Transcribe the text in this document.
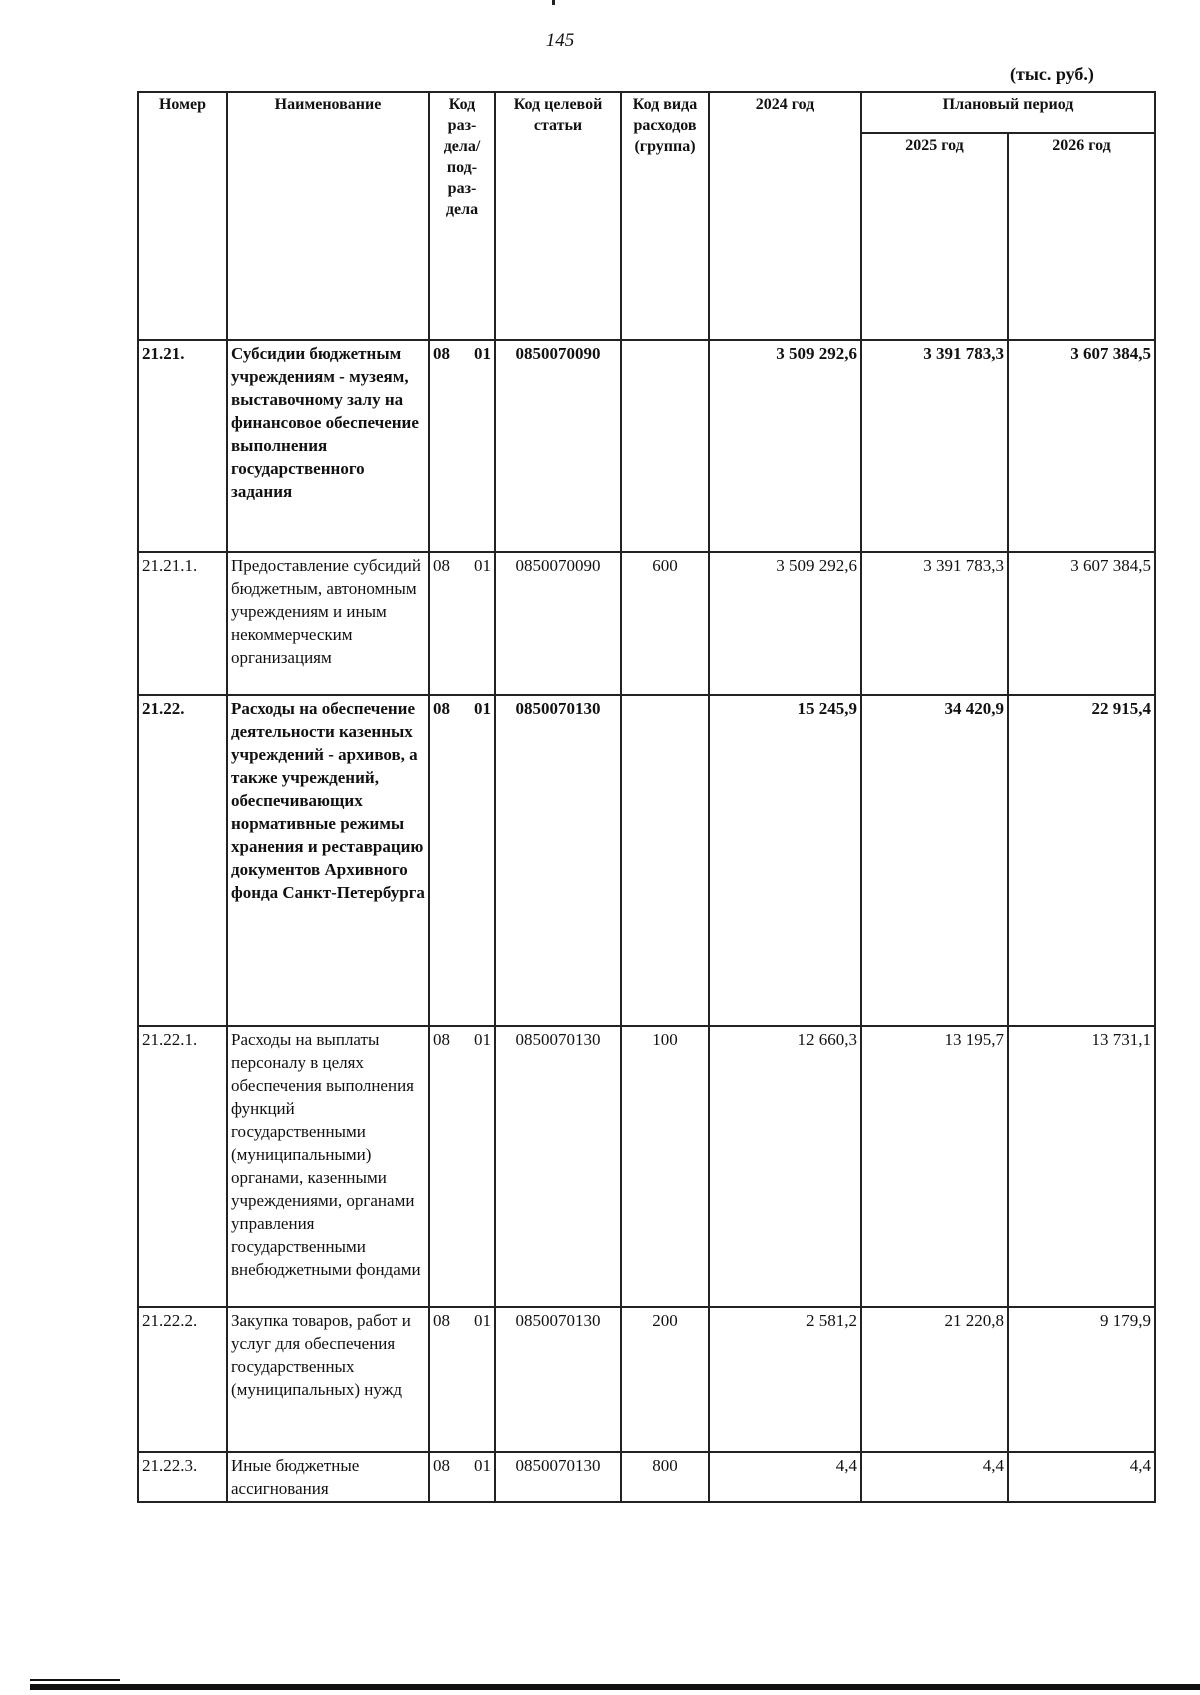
145
(тыс. руб.)
Номер	Наименование	Код раз-дела/ под-раз-дела	Код целевой статьи	Код вида расходов (группа)	2024 год	Плановый период	
						2025 год	2026 год
21.21.	Субсидии бюджетным учреждениям - музеям, выставочному залу на финансовое обеспечение выполнения государственного задания	08 01	0850070090		3 509 292,6	3 391 783,3	3 607 384,5
21.21.1.	Предоставление субсидий бюджетным, автономным учреждениям и иным некоммерческим организациям	08 01	0850070090	600	3 509 292,6	3 391 783,3	3 607 384,5
21.22.	Расходы на обеспечение деятельности казенных учреждений - архивов, а также учреждений, обеспечивающих нормативные режимы хранения и реставрацию документов Архивного фонда Санкт-Петербурга	08 01	0850070130		15 245,9	34 420,9	22 915,4
21.22.1.	Расходы на выплаты персоналу в целях обеспечения выполнения функций государственными (муниципальными) органами, казенными учреждениями, органами управления государственными внебюджетными фондами	08 01	0850070130	100	12 660,3	13 195,7	13 731,1
21.22.2.	Закупка товаров, работ и услуг для обеспечения государственных (муниципальных) нужд	08 01	0850070130	200	2 581,2	21 220,8	9 179,9
21.22.3.	Иные бюджетные ассигнования	08 01	0850070130	800	4,4	4,4	4,4
